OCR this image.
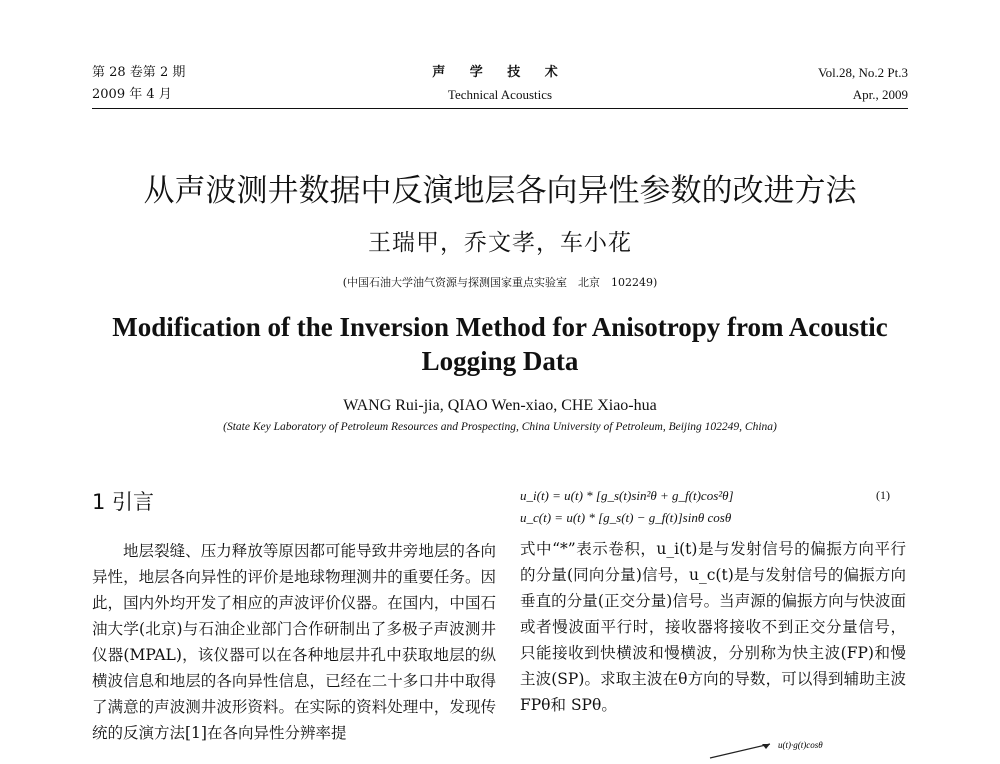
第 28 卷第 2 期
2009 年 4 月
声 学 技 术
Technical Acoustics
Vol.28, No.2 Pt.3
Apr., 2009
从声波测井数据中反演地层各向异性参数的改进方法
王瑞甲，乔文孝，车小花
(中国石油大学油气资源与探测国家重点实验室　北京　102249)
Modification of the Inversion Method for Anisotropy from Acoustic Logging Data
WANG Rui-jia, QIAO Wen-xiao, CHE Xiao-hua
(State Key Laboratory of Petroleum Resources and Prospecting, China University of Petroleum, Beijing 102249, China)
1 引言

地层裂缝、压力释放等原因都可能导致井旁地层的各向异性，地层各向异性的评价是地球物理测井的重要任务。因此，国内外均开发了相应的声波评价仪器。在国内，中国石油大学(北京)与石油企业部门合作研制出了多极子声波测井仪器(MPAL)，该仪器可以在各种地层井孔中获取地层的纵横波信息和地层的各向异性信息，已经在二十多口井中取得了满意的声波测井波形资料。在实际的资料处理中，发现传统的反演方法[1]在各向异性分辨率提

u_i(t) = u(t) * [g_s(t)sin²θ + g_f(t)cos²θ]
u_c(t) = u(t) * [g_s(t) − g_f(t)]sinθ cosθ
(1)

式中“*”表示卷积，u_i(t)是与发射信号的偏振方向平行的分量(同向分量)信号，u_c(t)是与发射信号的偏振方向垂直的分量(正交分量)信号。当声源的偏振方向与快波面或者慢波面平行时，接收器将接收不到正交分量信号，只能接收到快横波和慢横波，分别称为快主波(FP)和慢主波(SP)。求取主波在θ方向的导数，可以得到辅助主波 FPθ和 SPθ。

u(t)·g(t)cosθ
